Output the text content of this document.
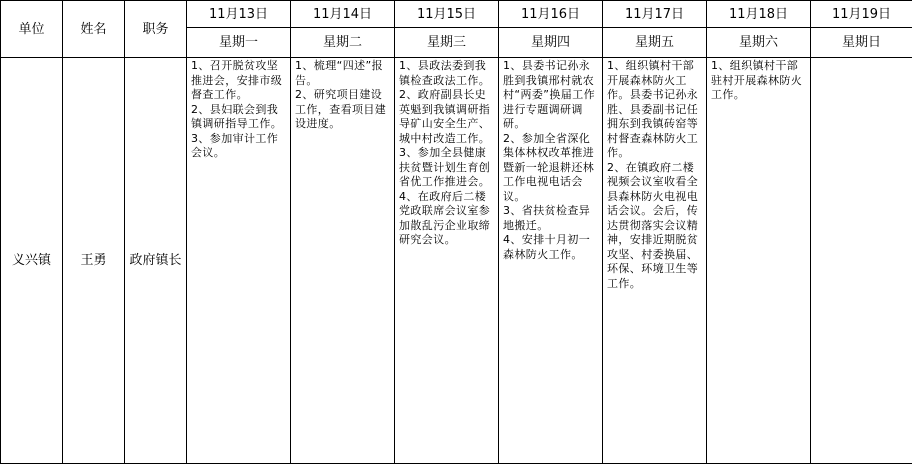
单位	姓名	职务	11月13日	11月14日	11月15日	11月16日	11月17日	11月18日	11月19日
			星期一	星期二	星期三	星期四	星期五	星期六	星期日
义兴镇	王勇	政府镇长	1、召开脱贫攻坚推进会，安排市级督查工作。
2、县妇联会到我镇调研指导工作。
3、参加审计工作会议。	1、梳理“四述”报告。
2、研究项目建设工作，查看项目建设进度。	1、县政法委到我镇检查政法工作。
2、政府副县长史英魁到我镇调研指导矿山安全生产、城中村改造工作。
3、参加全县健康扶贫暨计划生育创省优工作推进会。
4、在政府后二楼党政联席会议室参加散乱污企业取缔研究会议。	1、县委书记孙永胜到我镇邢村就农村“两委”换届工作进行专题调研调研。
2、参加全省深化集体林权改革推进暨新一轮退耕还林工作电视电话会议。
3、省扶贫检查异地搬迁。
4、安排十月初一森林防火工作。	1、组织镇村干部开展森林防火工作。县委书记孙永胜、县委副书记任拥东到我镇砖窑等村督查森林防火工作。
2、在镇政府二楼视频会议室收看全县森林防火电视电话会议。会后，传达贯彻落实会议精神，安排近期脱贫攻坚、村委换届、环保、环境卫生等工作。	1、组织镇村干部驻村开展森林防火工作。	
